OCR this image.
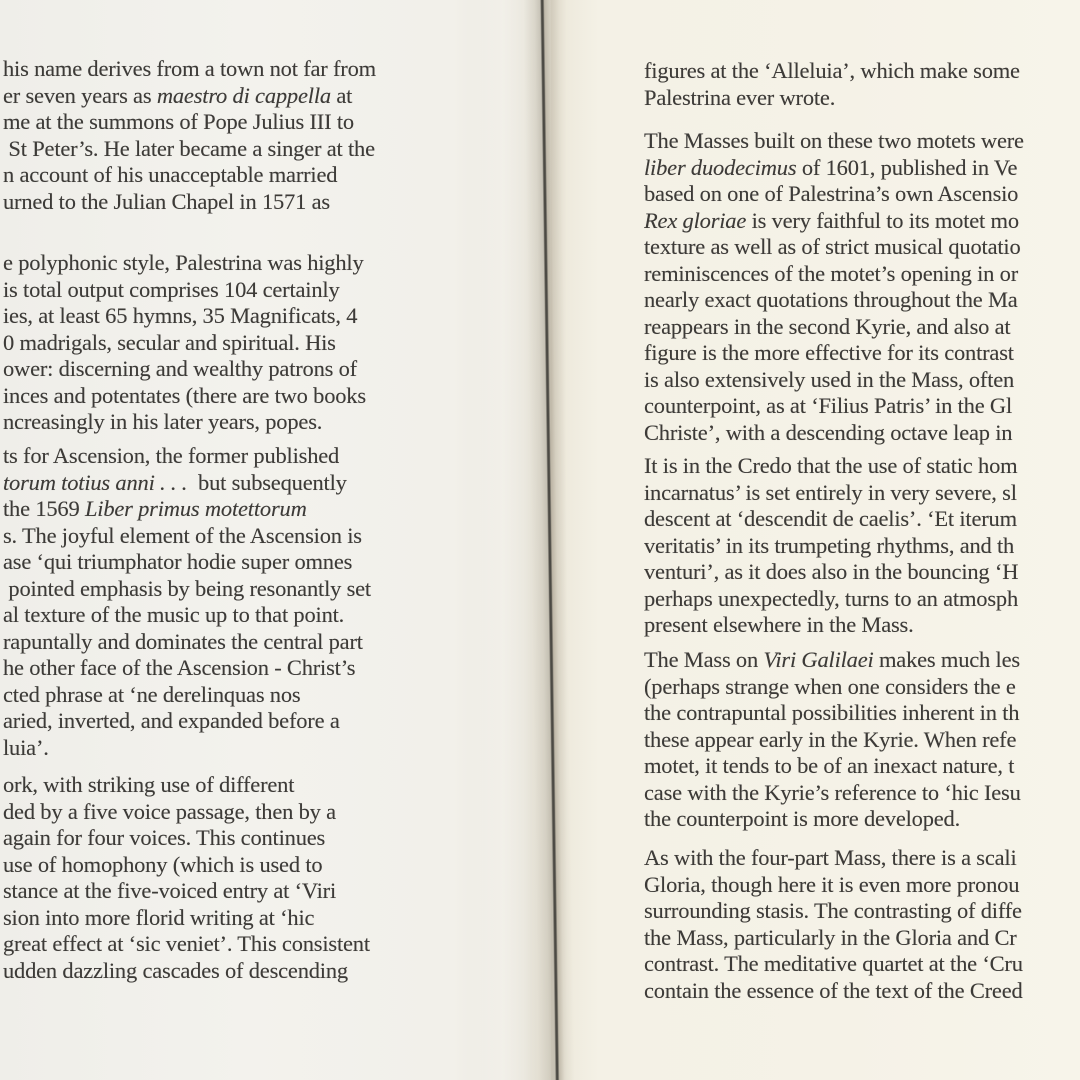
his name derives from a town not far from
er seven years as maestro di cappella at
me at the summons of Pope Julius III to
St Peter’s. He later became a singer at the
n account of his unacceptable married
urned to the Julian Chapel in 1571 as
e polyphonic style, Palestrina was highly
is total output comprises 104 certainly
ies, at least 65 hymns, 35 Magnificats, 4
0 madrigals, secular and spiritual. His
ower: discerning and wealthy patrons of
inces and potentates (there are two books
ncreasingly in his later years, popes.
ts for Ascension, the former published
torum totius anni . . .  but subsequently
the 1569 Liber primus motettorum
s. The joyful element of the Ascension is
ase ‘qui triumphator hodie super omnes
pointed emphasis by being resonantly set
al texture of the music up to that point.
rapuntally and dominates the central part
he other face of the Ascension - Christ’s
cted phrase at ‘ne derelinquas nos
aried, inverted, and expanded before a
luia’.
ork, with striking use of different
ded by a five voice passage, then by a
again for four voices. This continues
use of homophony (which is used to
stance at the five-voiced entry at ‘Viri
sion into more florid writing at ‘hic
great effect at ‘sic veniet’. This consistent
udden dazzling cascades of descending
figures at the ‘Alleluia’, which make some
Palestrina ever wrote.
The Masses built on these two motets were
liber duodecimus of 1601, published in Ve
based on one of Palestrina’s own Ascensio
Rex gloriae is very faithful to its motet mo
texture as well as of strict musical quotatio
reminiscences of the motet’s opening in or
nearly exact quotations throughout the Ma
reappears in the second Kyrie, and also at
figure is the more effective for its contrast
is also extensively used in the Mass, often
counterpoint, as at ‘Filius Patris’ in the Gl
Christe’, with a descending octave leap in
It is in the Credo that the use of static hom
incarnatus’ is set entirely in very severe, sl
descent at ‘descendit de caelis’. ‘Et iterum
veritatis’ in its trumpeting rhythms, and th
venturi’, as it does also in the bouncing ‘H
perhaps unexpectedly, turns to an atmosph
present elsewhere in the Mass.
The Mass on Viri Galilaei makes much les
(perhaps strange when one considers the e
the contrapuntal possibilities inherent in th
these appear early in the Kyrie. When refe
motet, it tends to be of an inexact nature, t
case with the Kyrie’s reference to ‘hic Iesu
the counterpoint is more developed.
As with the four-part Mass, there is a scali
Gloria, though here it is even more pronou
surrounding stasis. The contrasting of diffe
the Mass, particularly in the Gloria and Cr
contrast. The meditative quartet at the ‘Cru
contain the essence of the text of the Creed
